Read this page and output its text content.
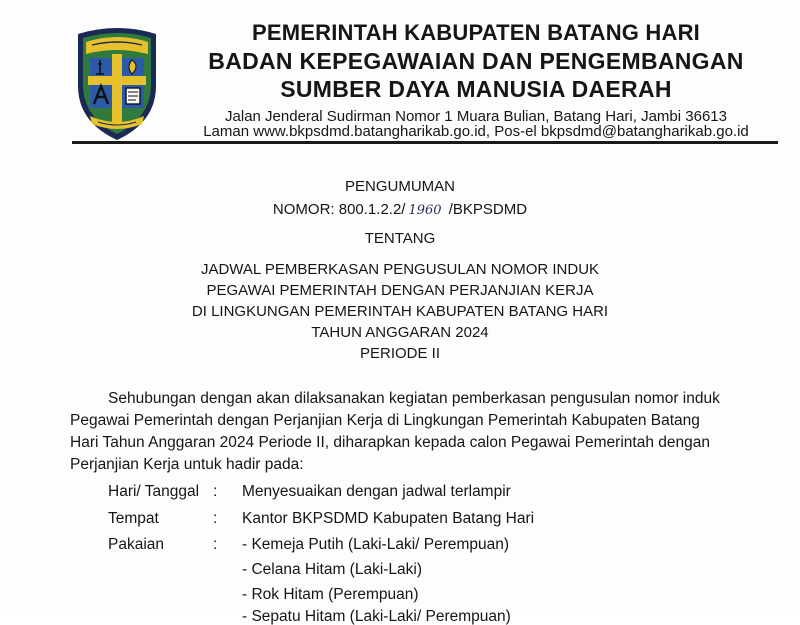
PEMERINTAH KABUPATEN BATANG HARI
BADAN KEPEGAWAIAN DAN PENGEMBANGAN
SUMBER DAYA MANUSIA DAERAH
Jalan Jenderal Sudirman Nomor 1 Muara Bulian, Batang Hari, Jambi 36613
Laman www.bkpsdmd.batangharikab.go.id, Pos-el bkpsdmd@batangharikab.go.id
PENGUMUMAN
NOMOR: 800.1.2.2/ 1960 /BKPSDMD
TENTANG
JADWAL PEMBERKASAN PENGUSULAN NOMOR INDUK
PEGAWAI PEMERINTAH DENGAN PERJANJIAN KERJA
DI LINGKUNGAN PEMERINTAH KABUPATEN BATANG HARI
TAHUN ANGGARAN 2024
PERIODE II
Sehubungan dengan akan dilaksanakan kegiatan pemberkasan pengusulan nomor induk
Pegawai Pemerintah dengan Perjanjian Kerja di Lingkungan Pemerintah Kabupaten Batang
Hari Tahun Anggaran 2024 Periode II, diharapkan kepada calon Pegawai Pemerintah dengan
Perjanjian Kerja untuk hadir pada:
Hari/ Tanggal : Menyesuaikan dengan jadwal terlampir
Tempat	: Kantor BKPSDMD Kabupaten Batang Hari
Pakaian	: - Kemeja Putih (Laki-Laki/ Perempuan)
- Celana Hitam (Laki-Laki)
- Rok Hitam (Perempuan)
- Sepatu Hitam (Laki-Laki/ Perempuan)
